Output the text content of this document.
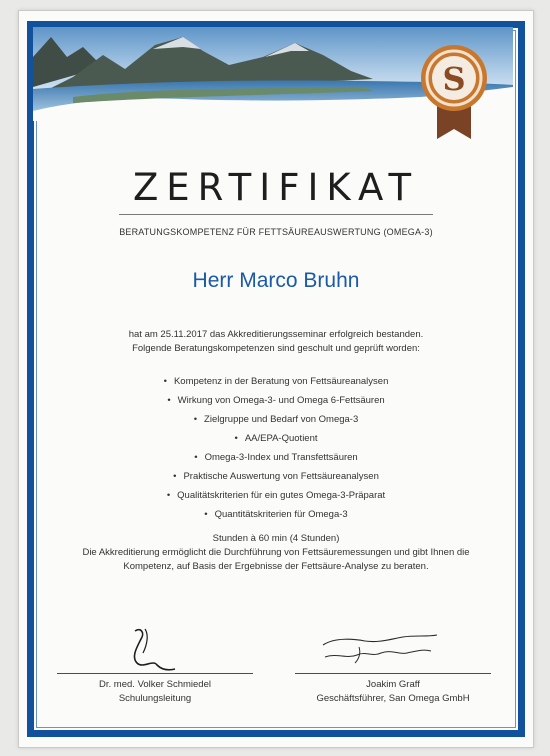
S
ZERTIFIKAT
BERATUNGSKOMPETENZ FÜR FETTSÄUREAUSWERTUNG (OMEGA-3)
Herr Marco Bruhn
hat am 25.11.2017 das Akkreditierungsseminar erfolgreich bestanden.
Folgende Beratungskompetenzen sind geschult und geprüft worden:
• Kompetenz in der Beratung von Fettsäureanalysen
• Wirkung von Omega-3- und Omega 6-Fettsäuren
• Zielgruppe und Bedarf von Omega-3
• AA/EPA-Quotient
• Omega-3-Index und Transfettsäuren
• Praktische Auswertung von Fettsäureanalysen
• Qualitätskriterien für ein gutes Omega-3-Präparat
• Quantitätskriterien für Omega-3
Stunden à 60 min (4 Stunden)
Die Akkreditierung ermöglicht die Durchführung von Fettsäuremessungen und gibt Ihnen die
Kompetenz, auf Basis der Ergebnisse der Fettsäure-Analyse zu beraten.
Dr. med. Volker Schmiedel
Schulungsleitung
Joakim Graff
Geschäftsführer, San Omega GmbH
